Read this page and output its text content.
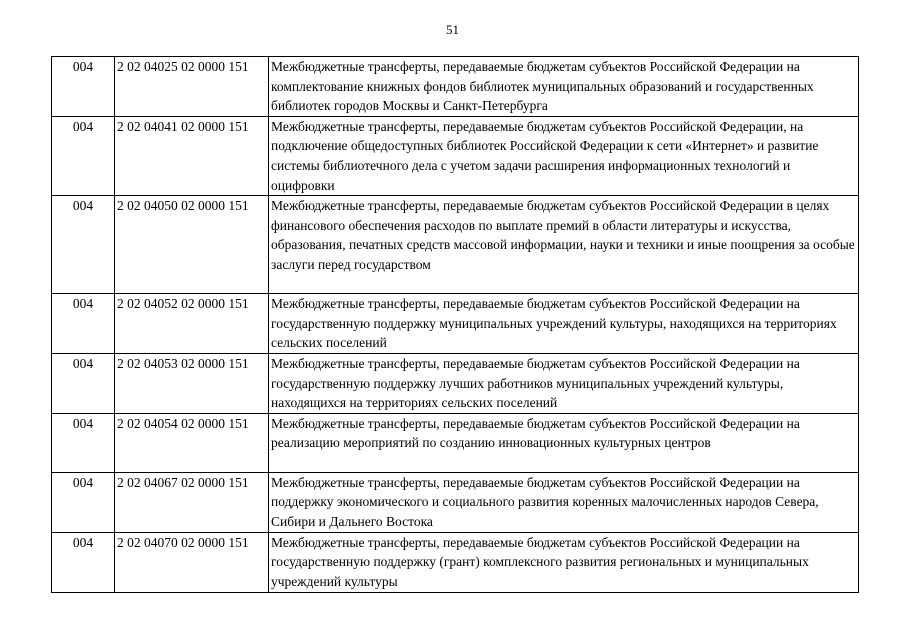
51
004	2 02 04025 02 0000 151	Межбюджетные трансферты, передаваемые бюджетам субъектов Российской Федерации на комплектование книжных фондов библиотек муниципальных образований и государственных библиотек городов Москвы и Санкт-Петербурга
004	2 02 04041 02 0000 151	Межбюджетные трансферты, передаваемые бюджетам субъектов Российской Федерации, на подключение общедоступных библиотек Российской Федерации к сети «Интернет» и развитие системы библиотечного дела с учетом задачи расширения информационных технологий и оцифровки
004	2 02 04050 02 0000 151	Межбюджетные трансферты, передаваемые бюджетам субъектов Российской Федерации в целях финансового обеспечения расходов по выплате премий в области литературы и искусства, образования, печатных средств массовой информации, науки и техники и иные поощрения за особые заслуги перед государством
004	2 02 04052 02 0000 151	Межбюджетные трансферты, передаваемые бюджетам субъектов Российской Федерации на государственную поддержку муниципальных учреждений культуры, находящихся на территориях сельских поселений
004	2 02 04053 02 0000 151	Межбюджетные трансферты, передаваемые бюджетам субъектов Российской Федерации на государственную поддержку лучших работников муниципальных учреждений культуры, находящихся на территориях сельских поселений
004	2 02 04054 02 0000 151	Межбюджетные трансферты, передаваемые бюджетам субъектов Российской Федерации на реализацию мероприятий по созданию инновационных культурных центров
004	2 02 04067 02 0000 151	Межбюджетные трансферты, передаваемые бюджетам субъектов Российской Федерации на поддержку экономического и социального развития коренных малочисленных народов Севера, Сибири и Дальнего Востока
004	2 02 04070 02 0000 151	Межбюджетные трансферты, передаваемые бюджетам субъектов Российской Федерации на государственную поддержку (грант) комплексного развития региональных и муниципальных учреждений культуры
